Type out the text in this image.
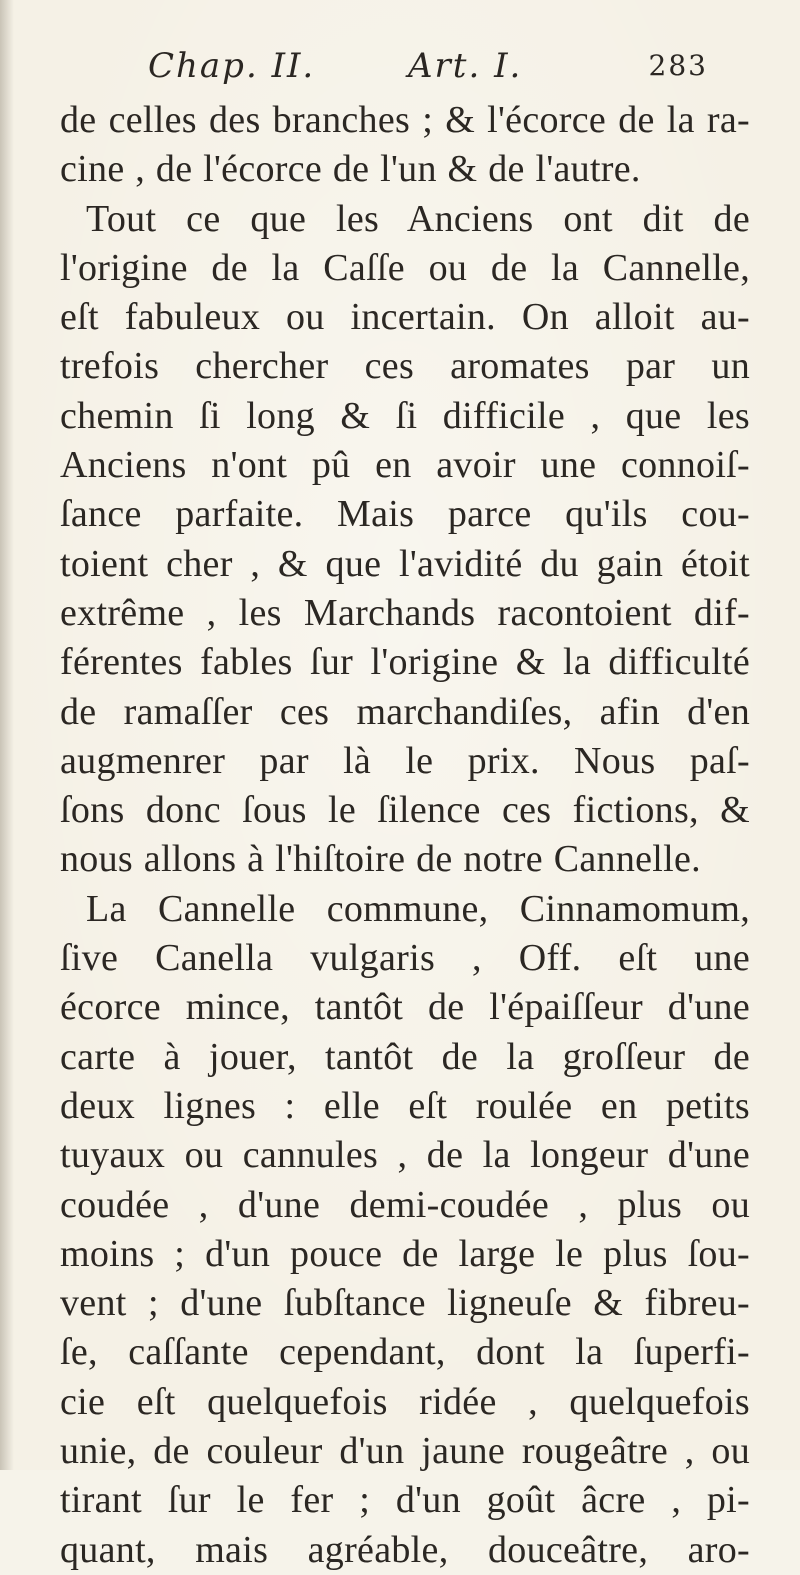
Chap. II.	Art. I.	283
de celles des branches ; & l'écorce de la ra-
cine , de l'écorce de l'un & de l'autre.
Tout ce que les Anciens ont dit de
l'origine de la Caſſe ou de la Cannelle,
eſt fabuleux ou incertain. On alloit au-
trefois chercher ces aromates par un
chemin ſi long & ſi difficile , que les
Anciens n'ont pû en avoir une connoiſ-
ſance parfaite. Mais parce qu'ils cou-
toient cher , & que l'avidité du gain étoit
extrême , les Marchands racontoient dif-
férentes fables ſur l'origine & la difficulté
de ramaſſer ces marchandiſes, afin d'en
augmenrer par là le prix. Nous paſ-
ſons donc ſous le ſilence ces fictions, &
nous allons à l'hiſtoire de notre Cannelle.
La Cannelle commune, Cinnamomum,
ſive Canella vulgaris , Off. eſt une
écorce mince, tantôt de l'épaiſſeur d'une
carte à jouer, tantôt de la groſſeur de
deux lignes : elle eſt roulée en petits
tuyaux ou cannules , de la longeur d'une
coudée , d'une demi-coudée , plus ou
moins ; d'un pouce de large le plus ſou-
vent ; d'une ſubſtance ligneuſe & fibreu-
ſe, caſſante cependant, dont la ſuperfi-
cie eſt quelquefois ridée , quelquefois
unie, de couleur d'un jaune rougeâtre , ou
tirant ſur le fer ; d'un goût âcre , pi-
quant, mais agréable, douceâtre, aro-
